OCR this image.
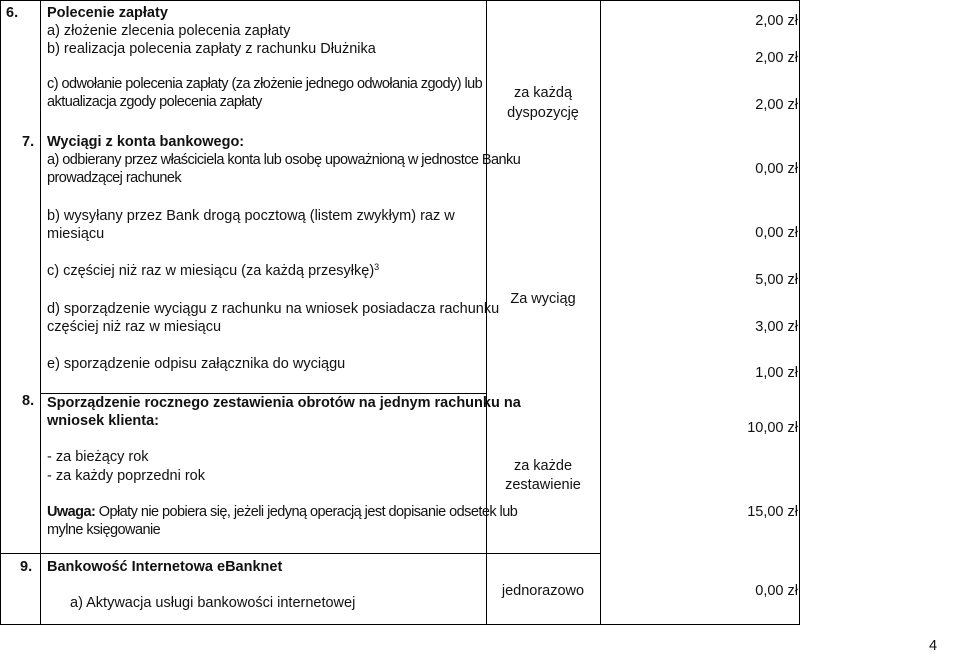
6. Polecenie zapłaty
a) złożenie zlecenia polecenia zapłaty
b) realizacja polecenia zapłaty z rachunku Dłużnika
c) odwołanie polecenia zapłaty (za złożenie jednego odwołania zgody) lub
aktualizacja zgody polecenia zapłaty
za każdą
dyspozycję
2,00 zł
2,00 zł
2,00 zł
7. Wyciągi z konta bankowego:
a) odbierany przez właściciela konta lub osobę upoważnioną w jednostce Banku
prowadzącej rachunek
b) wysyłany przez Bank drogą pocztową (listem zwykłym) raz w
miesiącu
c) częściej niż raz w miesiącu (za każdą przesyłkę)$^3$
d) sporządzenie wyciągu z rachunku na wniosek posiadacza rachunku
częściej niż raz w miesiącu
e) sporządzenie odpisu załącznika do wyciągu
Za wyciąg
0,00 zł
0,00 zł
5,00 zł
3,00 zł
1,00 zł
8. Sporządzenie rocznego zestawienia obrotów na jednym rachunku na
wniosek klienta:
- za bieżący rok
- za każdy poprzedni rok
Uwaga: Opłaty nie pobiera się, jeżeli jedyną operacją jest dopisanie odsetek lub
mylne księgowanie
za każde
zestawienie
10,00 zł
15,00 zł
9. Bankowość Internetowa eBanknet
a) Aktywacja usługi bankowości internetowej
jednorazowo	0,00 zł
4
